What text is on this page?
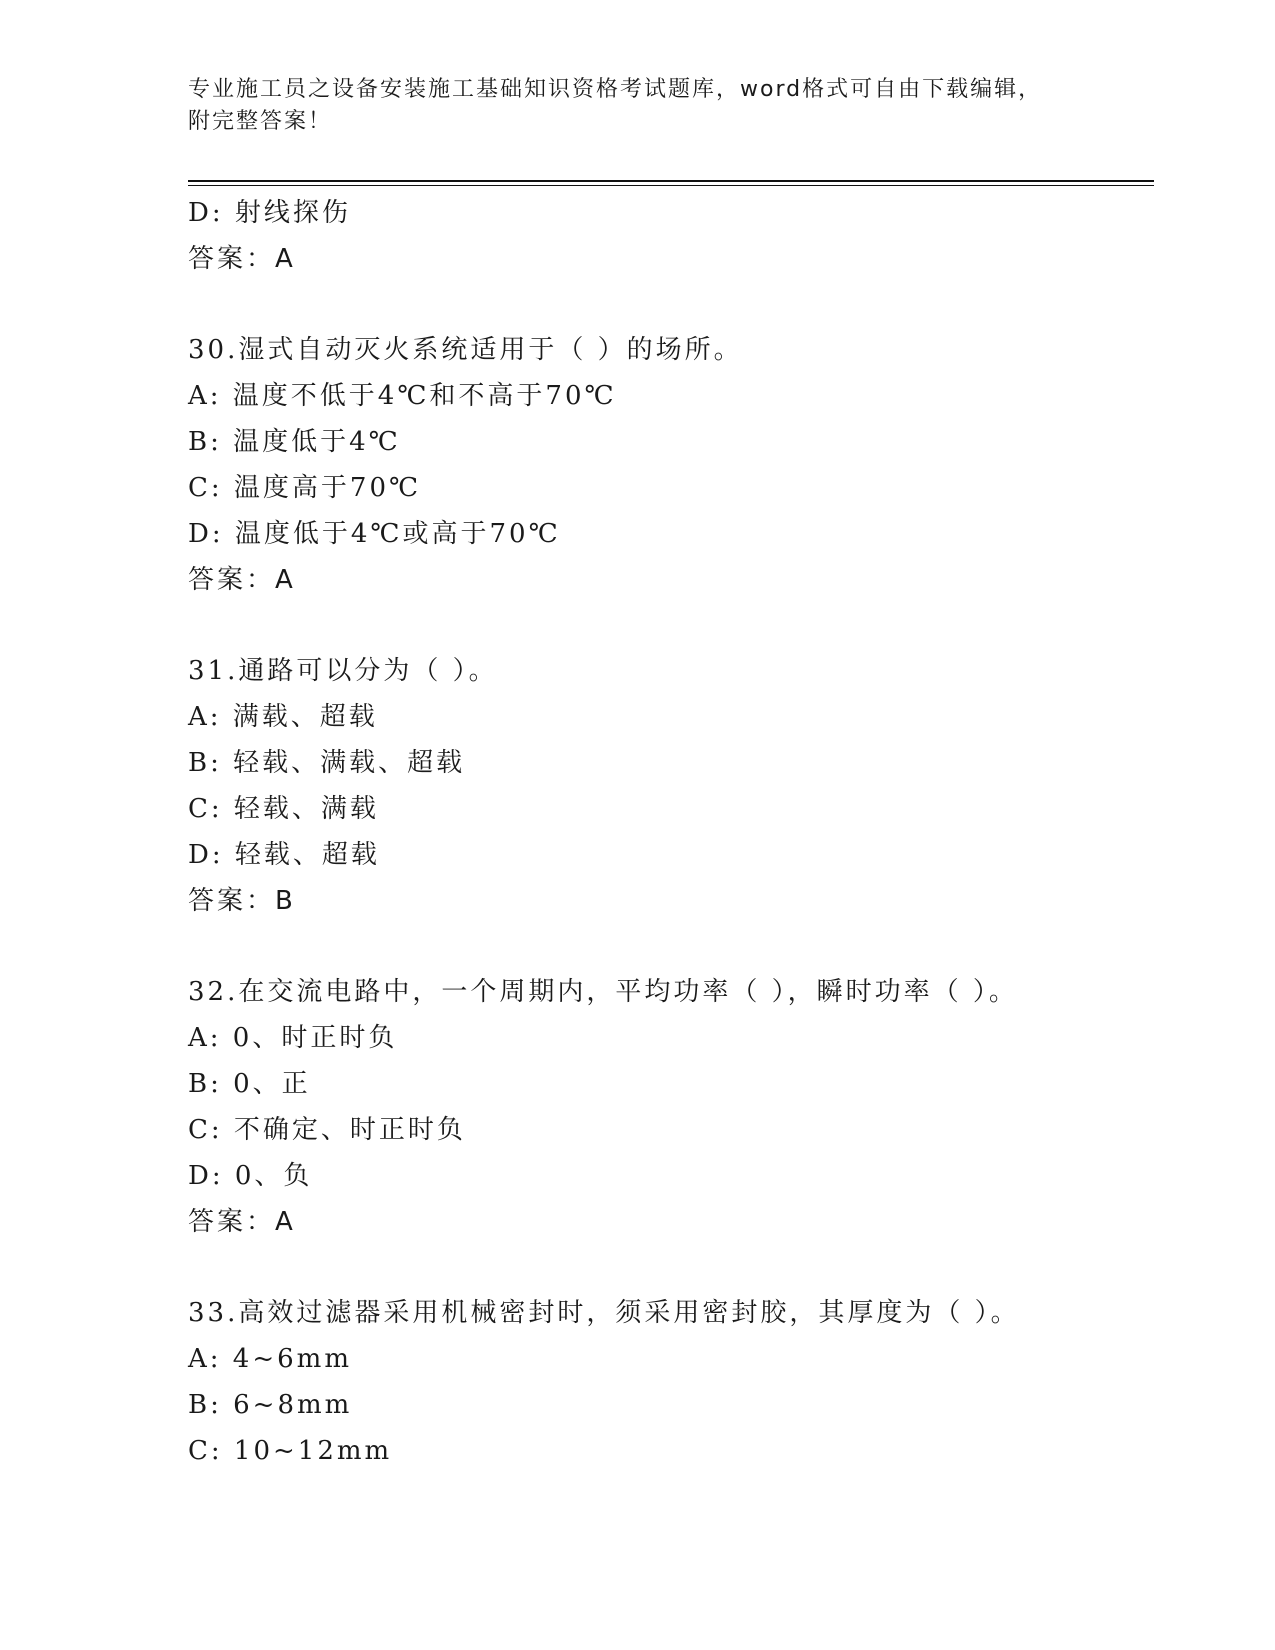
专业施工员之设备安装施工基础知识资格考试题库，word格式可自由下载编辑，
附完整答案！
D: 射线探伤
答案：A
30.湿式自动灭火系统适用于（ ）的场所。
A: 温度不低于4℃和不高于70℃
B: 温度低于4℃
C: 温度高于70℃
D: 温度低于4℃或高于70℃
答案：A
31.通路可以分为（ ）。
A: 满载、超载
B: 轻载、满载、超载
C: 轻载、满载
D: 轻载、超载
答案：B
32.在交流电路中，一个周期内，平均功率（ ），瞬时功率（ ）。
A: 0、时正时负
B: 0、正
C: 不确定、时正时负
D: 0、负
答案：A
33.高效过滤器采用机械密封时，须采用密封胶，其厚度为（ ）。
A: 4~6mm
B: 6~8mm
C: 10~12mm
